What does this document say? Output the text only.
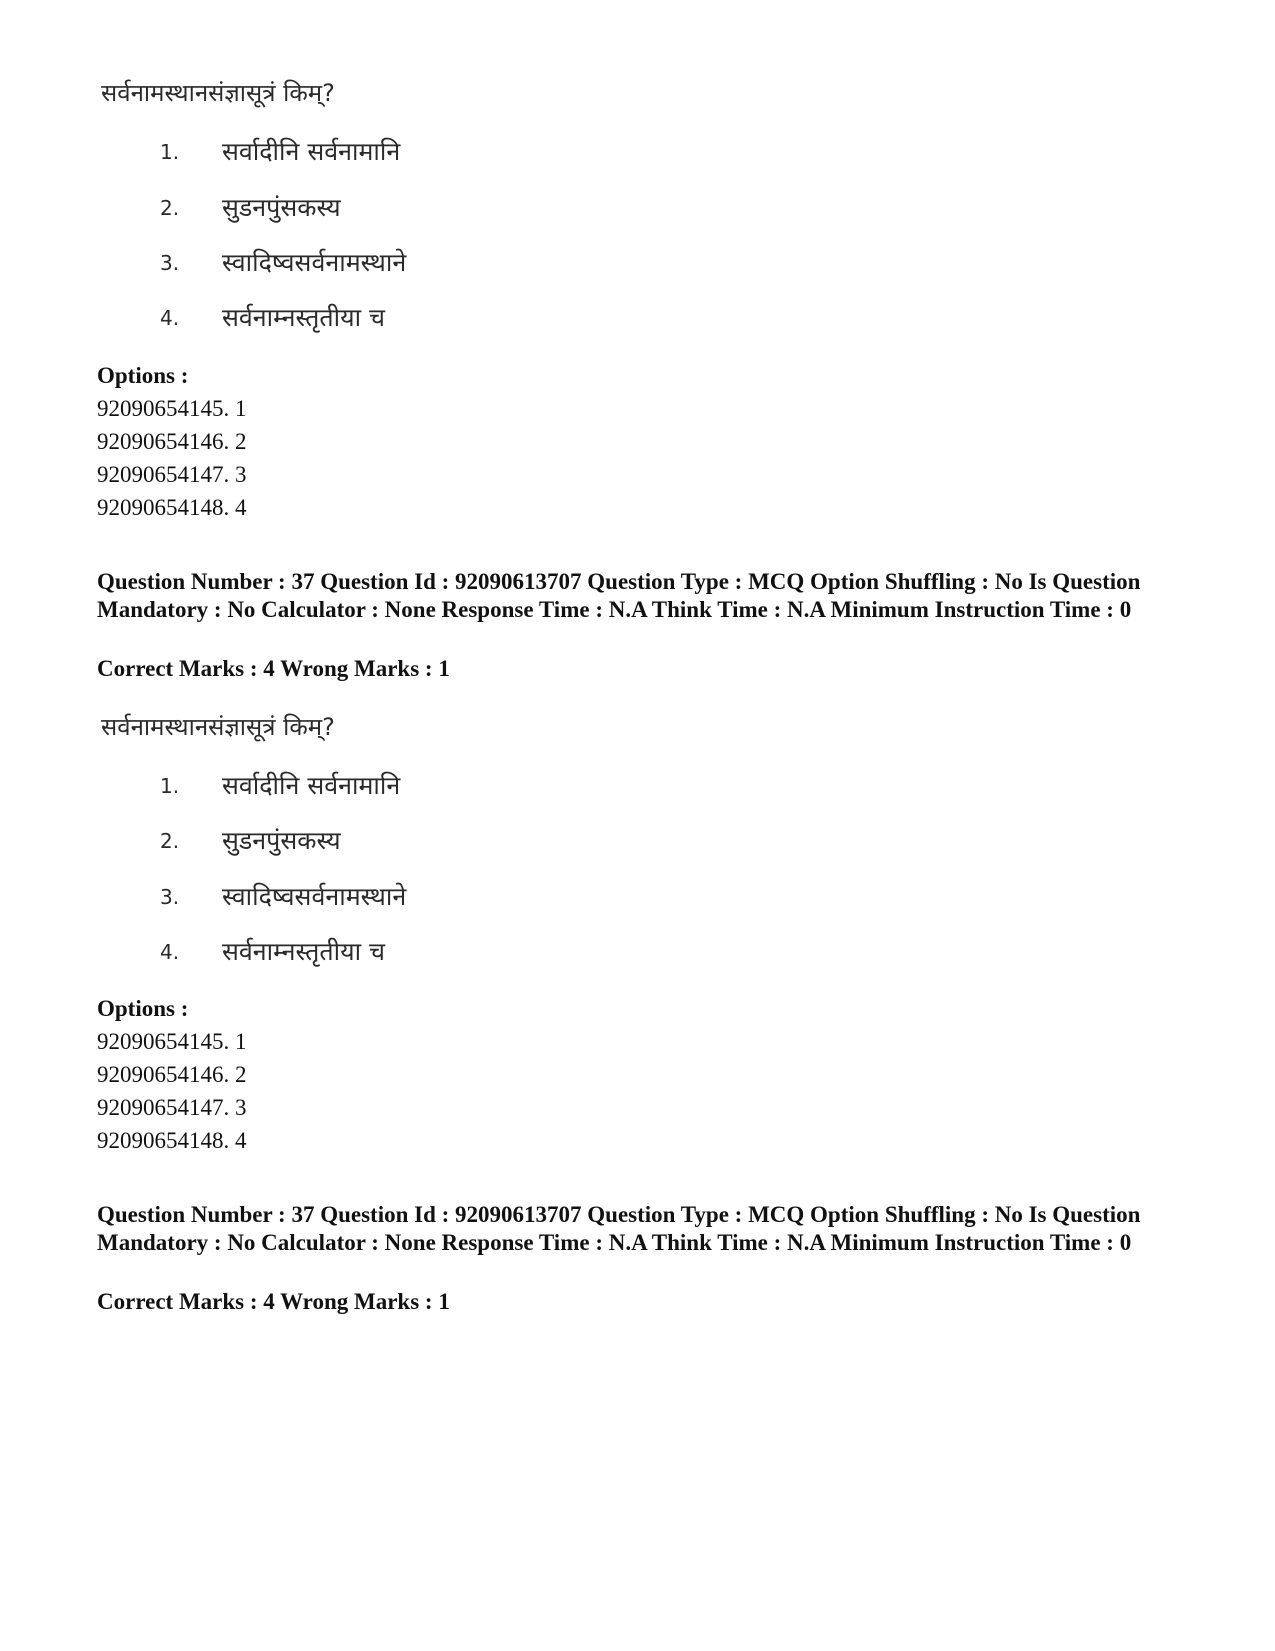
सर्वनामस्थानसंज्ञासूत्रं किम्?

1.	सर्वादीनि सर्वनामानि
2.	सुडनपुंसकस्य
3.	स्वादिष्वसर्वनामस्थाने
4.	सर्वनाम्नस्तृतीया च

Options :

92090654145. 1
92090654146. 2
92090654147. 3
92090654148. 4

Question Number : 37 Question Id : 92090613707 Question Type : MCQ Option Shuffling : No Is Question Mandatory : No Calculator : None Response Time : N.A Think Time : N.A Minimum Instruction Time : 0

Correct Marks : 4 Wrong Marks : 1

सर्वनामस्थानसंज्ञासूत्रं किम्?

1.	सर्वादीनि सर्वनामानि
2.	सुडनपुंसकस्य
3.	स्वादिष्वसर्वनामस्थाने
4.	सर्वनाम्नस्तृतीया च

Options :

92090654145. 1
92090654146. 2
92090654147. 3
92090654148. 4

Question Number : 37 Question Id : 92090613707 Question Type : MCQ Option Shuffling : No Is Question Mandatory : No Calculator : None Response Time : N.A Think Time : N.A Minimum Instruction Time : 0

Correct Marks : 4 Wrong Marks : 1
